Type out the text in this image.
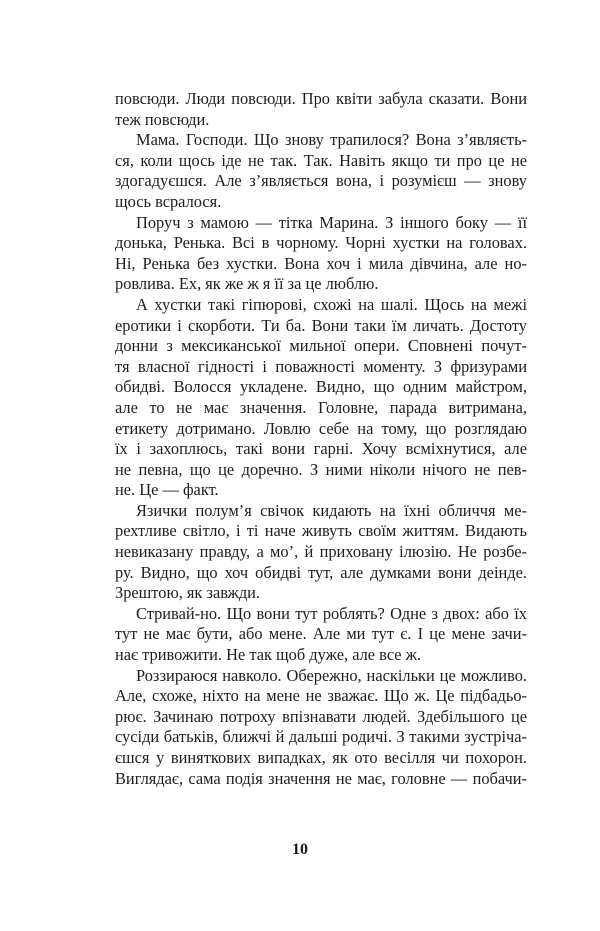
повсюди. Люди повсюди. Про квіти забула сказати. Вони
теж повсюди.
Мама. Господи. Що знову трапилося? Вона з’являєть-
ся, коли щось іде не так. Так. Навіть якщо ти про це не
здогадуєшся. Але з’являється вона, і розумієш — знову
щось всралося.
Поруч з мамою — тітка Марина. З іншого боку — її
донька, Ренька. Всі в чорному. Чорні хустки на головах.
Ні, Ренька без хустки. Вона хоч і мила дівчина, але но-
ровлива. Ех, як же ж я її за це люблю.
А хустки такі гіпюрові, схожі на шалі. Щось на межі
еротики і скорботи. Ти ба. Вони таки їм личать. Достоту
донни з мексиканської мильної опери. Сповнені почут-
тя власної гідності і поважності моменту. З фризурами
обидві. Волосся укладене. Видно, що одним майстром,
але то не має значення. Головне, парада витримана,
етикету дотримано. Ловлю себе на тому, що розглядаю
їх і захоплюсь, такі вони гарні. Хочу всміхнутися, але
не певна, що це доречно. З ними ніколи нічого не пев-
не. Це — факт.
Язички полум’я свічок кидають на їхні обличчя ме-
рехтливе світло, і ті наче живуть своїм життям. Видають
невиказану правду, а мо’, й приховану ілюзію. Не розбе-
ру. Видно, що хоч обидві тут, але думками вони деінде.
Зрештою, як завжди.
Стривай-но. Що вони тут роблять? Одне з двох: або їх
тут не має бути, або мене. Але ми тут є. І це мене зачи-
нає тривожити. Не так щоб дуже, але все ж.
Роззираюся навколо. Обережно, наскільки це можливо.
Але, схоже, ніхто на мене не зважає. Що ж. Це підбадьо-
рює. Зачинаю потроху впізнавати людей. Здебільшого це
сусіди батьків, ближчі й дальші родичі. З такими зустріча-
єшся у виняткових випадках, як ото весілля чи похорон.
Виглядає, сама подія значення не має, головне — побачи-
10
